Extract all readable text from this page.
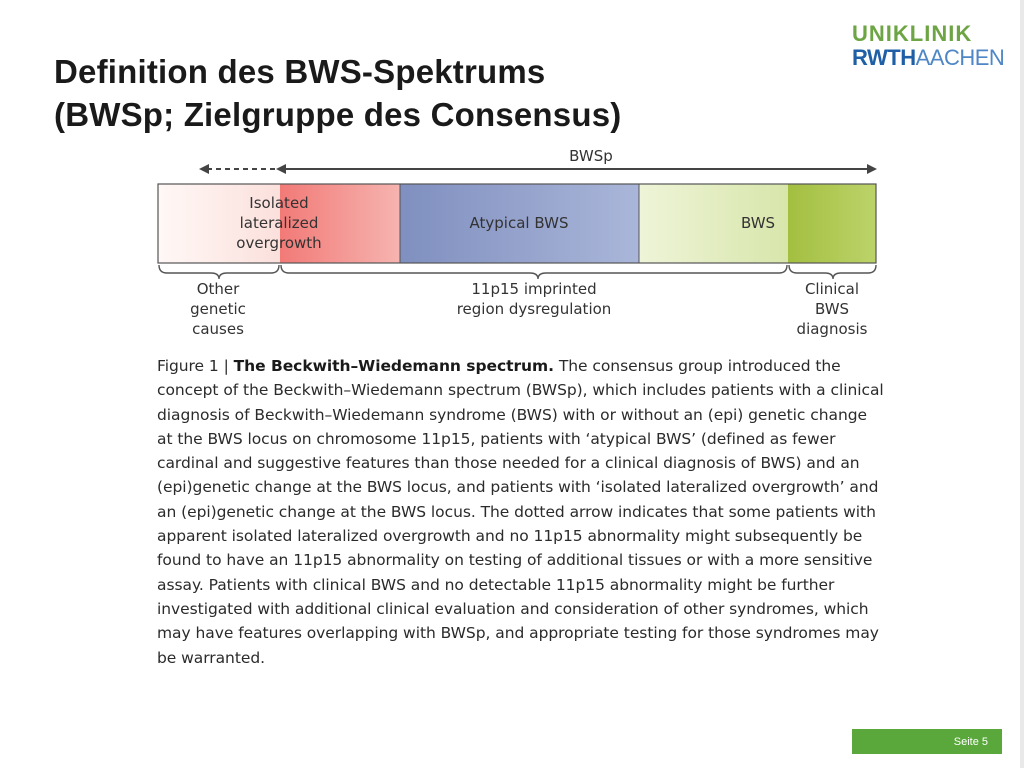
Definition des BWS-Spektrums
(BWSp; Zielgruppe des Consensus)
UNIKLINIK
RWTHAACHEN
BWSp
Isolated
lateralized
overgrowth
Atypical BWS	BWS
Other
genetic
causes
11p15 imprinted
region dysregulation
Clinical
BWS
diagnosis

Figure 1 | The Beckwith–Wiedemann spectrum. The consensus group introduced the concept of the Beckwith–Wiedemann spectrum (BWSp), which includes patients with a clinical diagnosis of Beckwith–Wiedemann syndrome (BWS) with or without an (epi) genetic change at the BWS locus on chromosome 11p15, patients with ‘atypical BWS’ (defined as fewer cardinal and suggestive features than those needed for a clinical diagnosis of BWS) and an (epi)genetic change at the BWS locus, and patients with ‘isolated lateralized overgrowth’ and an (epi)genetic change at the BWS locus. The dotted arrow indicates that some patients with apparent isolated lateralized overgrowth and no 11p15 abnormality might subsequently be found to have an 11p15 abnormality on testing of additional tissues or with a more sensitive assay. Patients with clinical BWS and no detectable 11p15 abnormality might be further investigated with additional clinical evaluation and consideration of other syndromes, which may have features overlapping with BWSp, and appropriate testing for those syndromes may be warranted.

Seite 5
